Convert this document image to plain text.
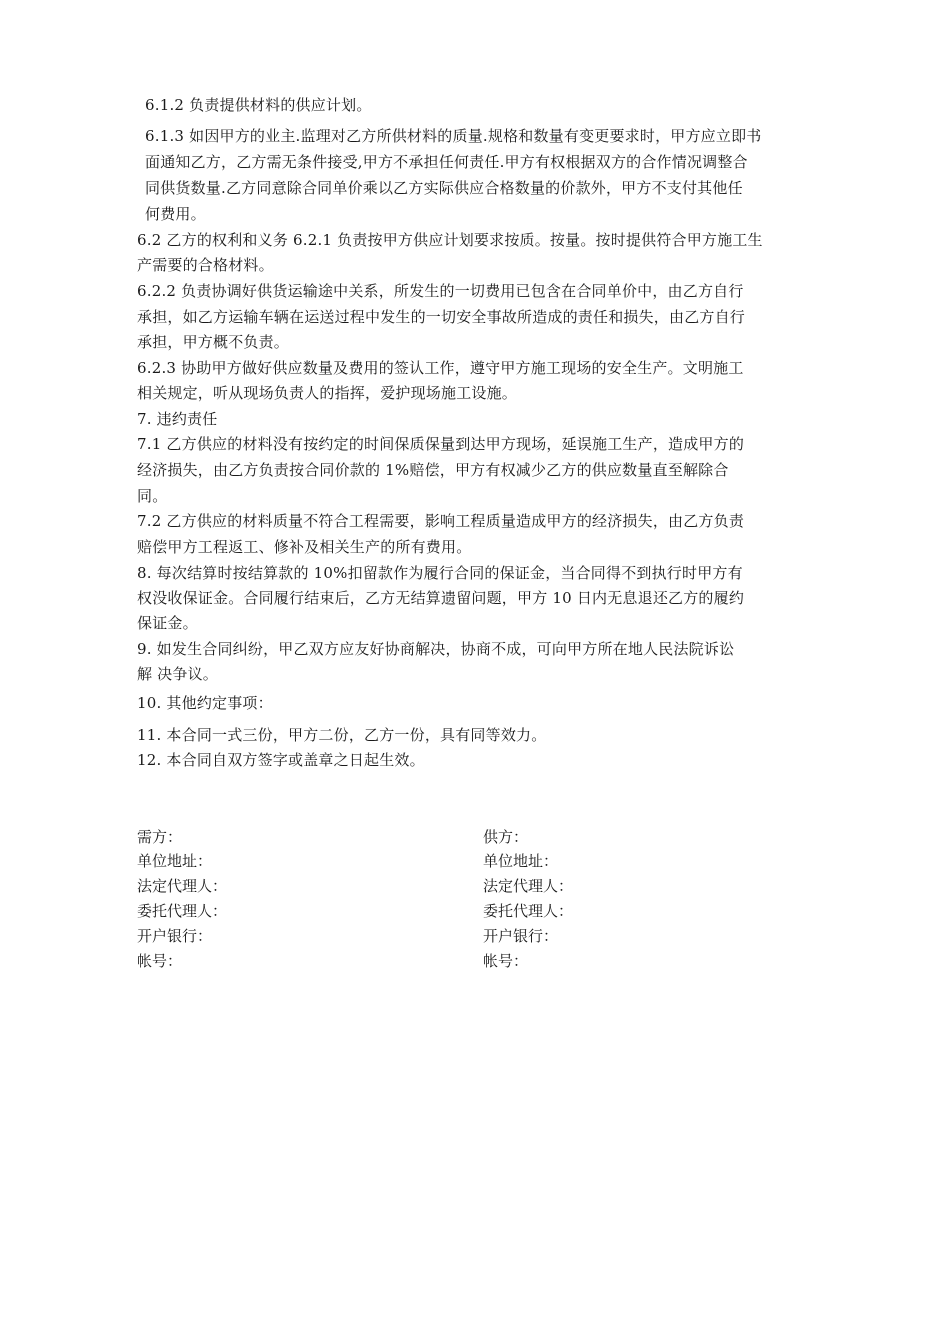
6.1.2 负责提供材料的供应计划。
6.1.3 如因甲方的业主.监理对乙方所供材料的质量.规格和数量有变更要求时，甲方应立即书
面通知乙方，乙方需无条件接受,甲方不承担任何责任.甲方有权根据双方的合作情况调整合
同供货数量.乙方同意除合同单价乘以乙方实际供应合格数量的价款外，甲方不支付其他任
何费用。
6.2 乙方的权利和义务 6.2.1 负责按甲方供应计划要求按质。按量。按时提供符合甲方施工生
产需要的合格材料。
6.2.2 负责协调好供货运输途中关系，所发生的一切费用已包含在合同单价中，由乙方自行
承担，如乙方运输车辆在运送过程中发生的一切安全事故所造成的责任和损失，由乙方自行
承担，甲方概不负责。
6.2.3 协助甲方做好供应数量及费用的签认工作，遵守甲方施工现场的安全生产。文明施工
相关规定，听从现场负责人的指挥，爱护现场施工设施。
7. 违约责任
7.1 乙方供应的材料没有按约定的时间保质保量到达甲方现场，延误施工生产，造成甲方的
经济损失，由乙方负责按合同价款的 1%赔偿，甲方有权减少乙方的供应数量直至解除合
同。
7.2 乙方供应的材料质量不符合工程需要，影响工程质量造成甲方的经济损失，由乙方负责
赔偿甲方工程返工、修补及相关生产的所有费用。
8. 每次结算时按结算款的 10%扣留款作为履行合同的保证金，当合同得不到执行时甲方有
权没收保证金。合同履行结束后，乙方无结算遗留问题，甲方 10 日内无息退还乙方的履约
保证金。
9. 如发生合同纠纷，甲乙双方应友好协商解决，协商不成，可向甲方所在地人民法院诉讼
解 决争议。
10. 其他约定事项：
11. 本合同一式三份，甲方二份，乙方一份，具有同等效力。
12. 本合同自双方签字或盖章之日起生效。
需方：
单位地址：
法定代理人：
委托代理人：
开户银行：
帐号：
供方：
单位地址：
法定代理人：
委托代理人：
开户银行：
帐号：
